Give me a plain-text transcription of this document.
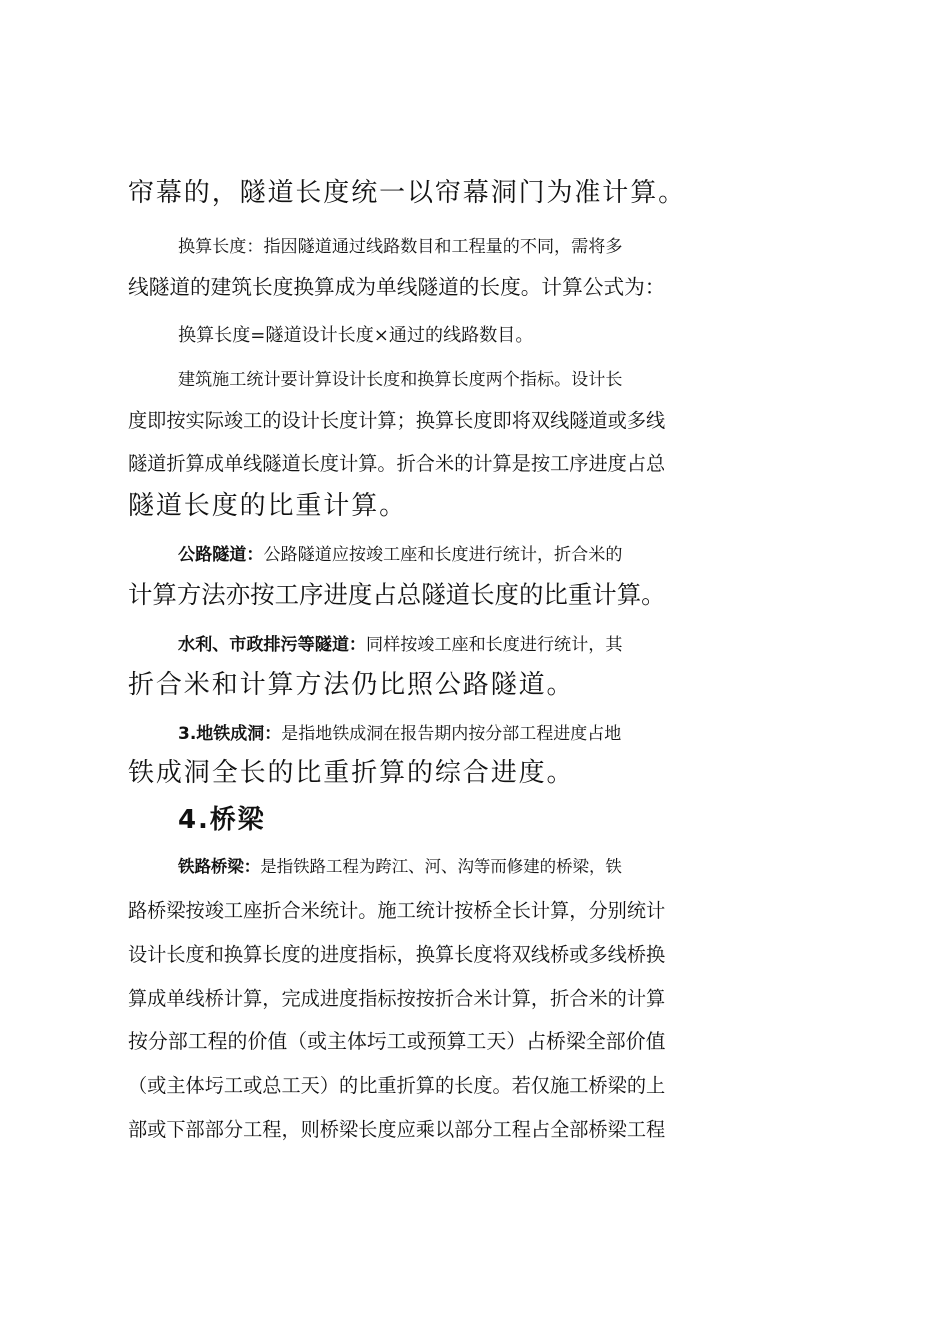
帘幕的，隧道长度统一以帘幕洞门为准计算。
换算长度：指因隧道通过线路数目和工程量的不同，需将多
线隧道的建筑长度换算成为单线隧道的长度。计算公式为：
换算长度=隧道设计长度×通过的线路数目。
建筑施工统计要计算设计长度和换算长度两个指标。设计长
度即按实际竣工的设计长度计算；换算长度即将双线隧道或多线
隧道折算成单线隧道长度计算。折合米的计算是按工序进度占总
隧道长度的比重计算。
公路隧道：公路隧道应按竣工座和长度进行统计，折合米的
计算方法亦按工序进度占总隧道长度的比重计算。
水利、市政排污等隧道：同样按竣工座和长度进行统计，其
折合米和计算方法仍比照公路隧道。
3.地铁成洞：是指地铁成洞在报告期内按分部工程进度占地
铁成洞全长的比重折算的综合进度。
4.桥梁
铁路桥梁：是指铁路工程为跨江、河、沟等而修建的桥梁，铁
路桥梁按竣工座折合米统计。施工统计按桥全长计算，分别统计
设计长度和换算长度的进度指标，换算长度将双线桥或多线桥换
算成单线桥计算，完成进度指标按按折合米计算，折合米的计算
按分部工程的价值（或主体圬工或预算工天）占桥梁全部价值
（或主体圬工或总工天）的比重折算的长度。若仅施工桥梁的上
部或下部部分工程，则桥梁长度应乘以部分工程占全部桥梁工程
